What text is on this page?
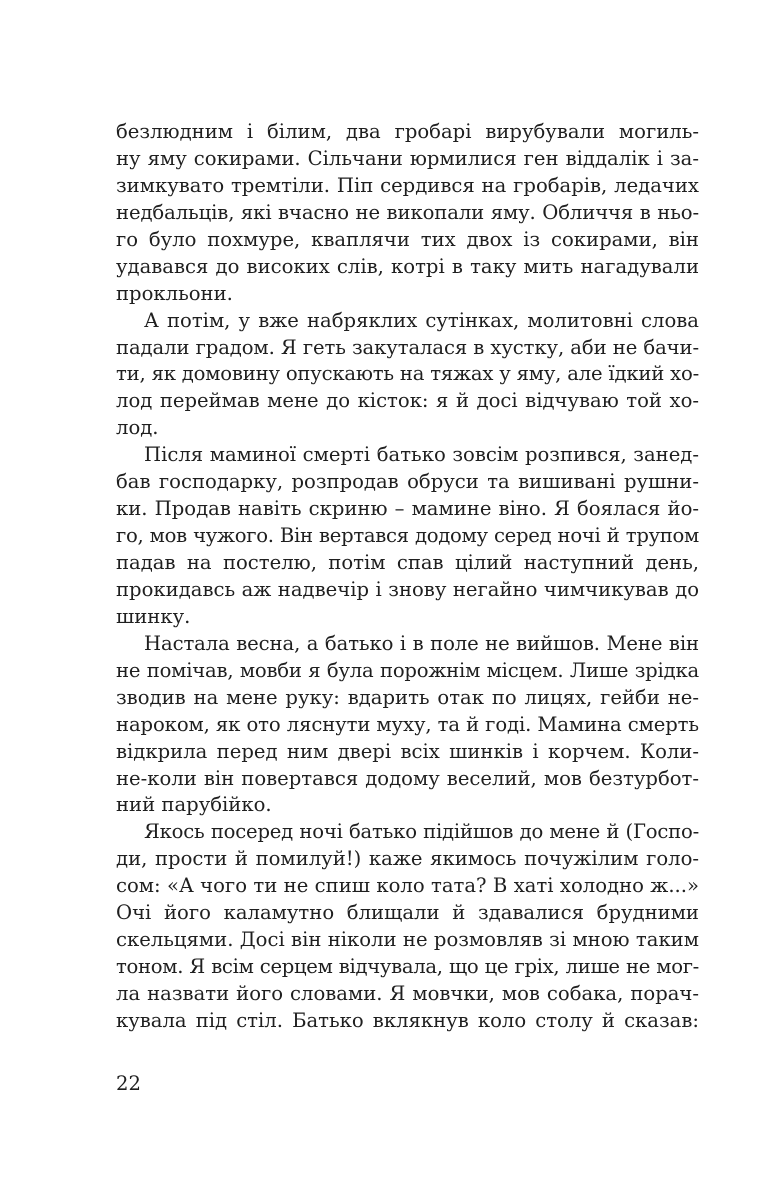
безлюдним і білим, два гробарі вирубували могиль-
ну яму сокирами. Сільчани юрмилися ген віддалік і за-
зимкувато тремтіли. Піп сердився на гробарів, ледачих
недбальців, які вчасно не викопали яму. Обличчя в ньо-
го було похмуре, кваплячи тих двох із сокирами, він
удавався до високих слів, котрі в таку мить нагадували
прокльони.
А потім, у вже набряклих сутінках, молитовні слова
падали градом. Я геть закуталася в хустку, аби не бачи-
ти, як домовину опускають на тяжах у яму, але їдкий хо-
лод переймав мене до кісток: я й досі відчуваю той хо-
лод.
Після маминої смерті батько зовсім розпився, занед-
бав господарку, розпродав обруси та вишивані рушни-
ки. Продав навіть скриню – мамине віно. Я боялася йо-
го, мов чужого. Він вертався додому серед ночі й трупом
падав на постелю, потім спав цілий наступний день,
прокидавсь аж надвечір і знову негайно чимчикував до
шинку.
Настала весна, а батько і в поле не вийшов. Мене він
не помічав, мовби я була порожнім місцем. Лише зрідка
зводив на мене руку: вдарить отак по лицях, гейби не-
нароком, як ото ляснути муху, та й годі. Мамина смерть
відкрила перед ним двері всіх шинків і корчем. Коли-
не-коли він повертався додому веселий, мов безтурбот-
ний парубійко.
Якось посеред ночі батько підійшов до мене й (Госпо-
ди, прости й помилуй!) каже якимось почужілим голо-
сом: «А чого ти не спиш коло тата? В хаті холодно ж...»
Очі його каламутно блищали й здавалися брудними
скельцями. Досі він ніколи не розмовляв зі мною таким
тоном. Я всім серцем відчувала, що це гріх, лише не мог-
ла назвати його словами. Я мовчки, мов собака, порач-
кувала під стіл. Батько вклякнув коло столу й сказав:
22
